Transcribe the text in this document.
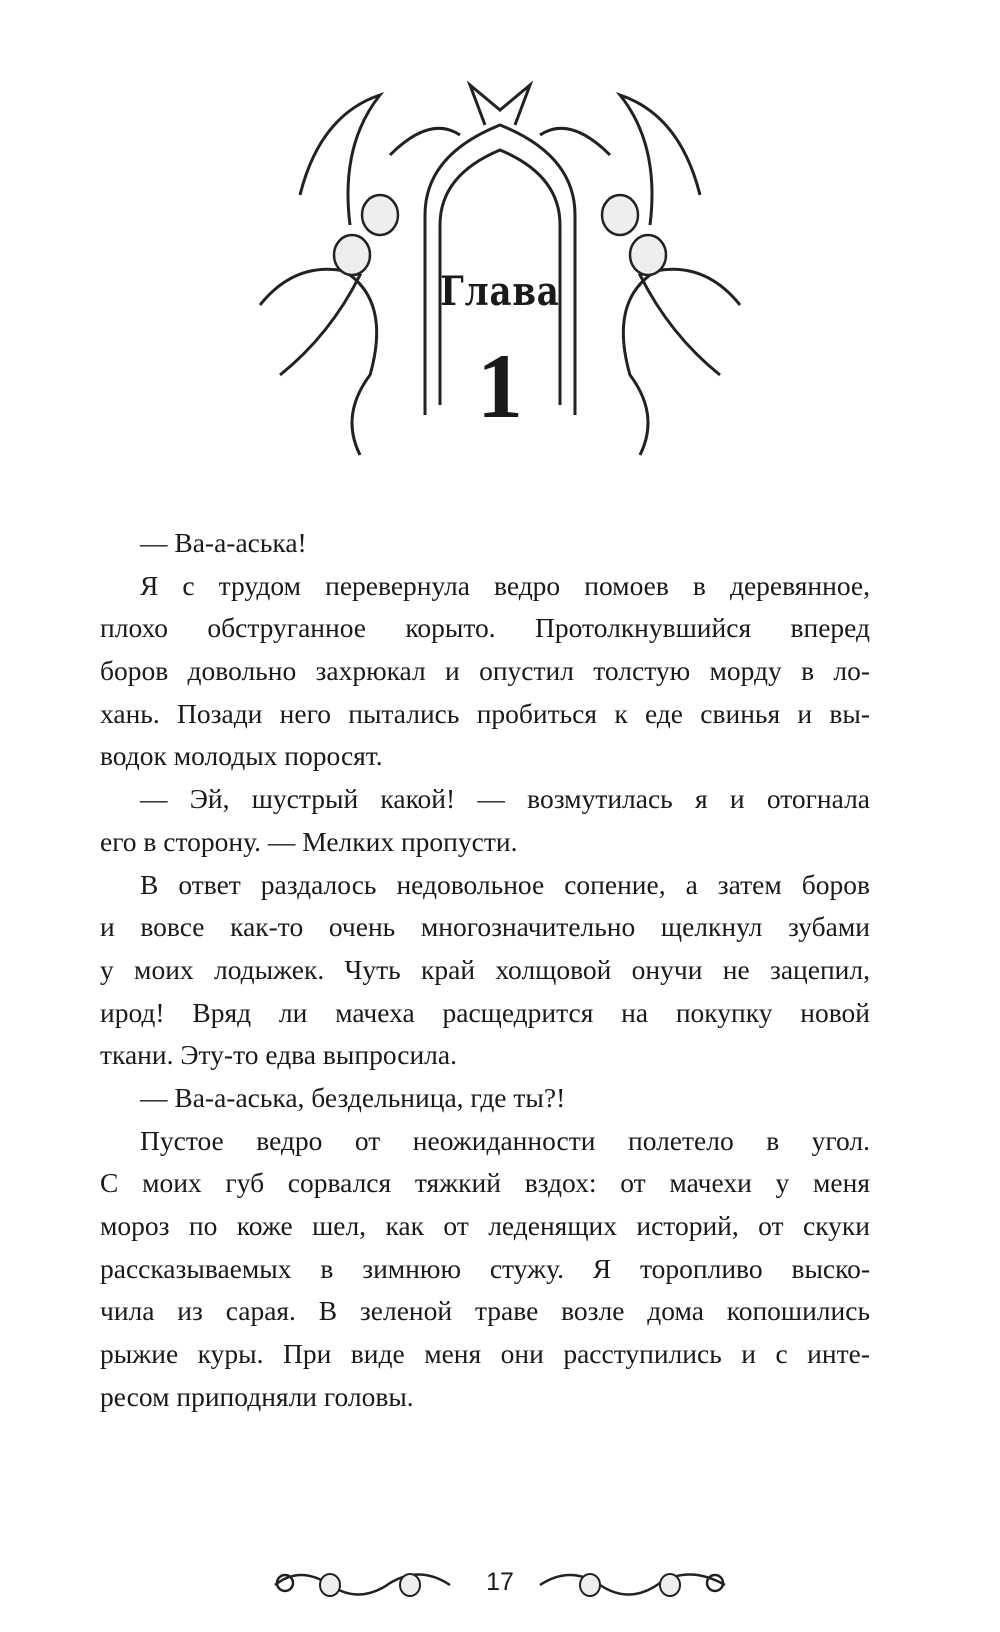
Глава
1
— Ва-а-аська!
Я с трудом перевернула ведро помоев в деревянное,
плохо обструганное корыто. Протолкнувшийся вперед
боров довольно захрюкал и опустил толстую морду в ло-
хань. Позади него пытались пробиться к еде свинья и вы-
водок молодых поросят.
— Эй, шустрый какой! — возмутилась я и отогнала
его в сторону. — Мелких пропусти.
В ответ раздалось недовольное сопение, а затем боров
и вовсе как-то очень многозначительно щелкнул зубами
у моих лодыжек. Чуть край холщовой онучи не зацепил,
ирод! Вряд ли мачеха расщедрится на покупку новой
ткани. Эту-то едва выпросила.
— Ва-а-аська, бездельница, где ты?!
Пустое ведро от неожиданности полетело в угол.
С моих губ сорвался тяжкий вздох: от мачехи у меня
мороз по коже шел, как от леденящих историй, от скуки
рассказываемых в зимнюю стужу. Я торопливо выско-
чила из сарая. В зеленой траве возле дома копошились
рыжие куры. При виде меня они расступились и с инте-
ресом приподняли головы.
17
